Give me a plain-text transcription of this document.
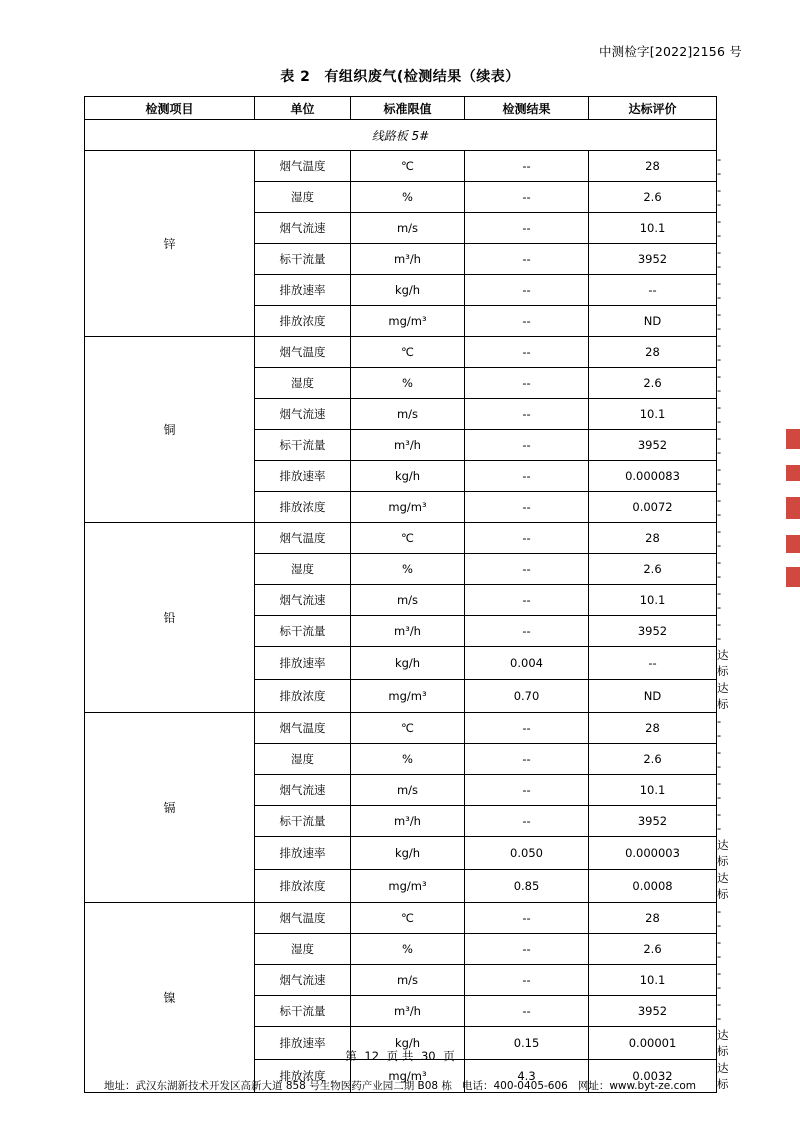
中测检字[2022]2156 号
表 2 有组织废气(检测结果（续表）
检测项目	单位	标准限值	检测结果	达标评价	
线路板 5#					
锌	烟气温度	℃	--	28	--
	湿度	%	--	2.6	--
	烟气流速	m/s	--	10.1	--
	标干流量	m³/h	--	3952	--
	排放速率	kg/h	--	--	--
	排放浓度	mg/m³	--	ND	--
铜	烟气温度	℃	--	28	--
	湿度	%	--	2.6	--
	烟气流速	m/s	--	10.1	--
	标干流量	m³/h	--	3952	--
	排放速率	kg/h	--	0.000083	--
	排放浓度	mg/m³	--	0.0072	--
铅	烟气温度	℃	--	28	--
	湿度	%	--	2.6	--
	烟气流速	m/s	--	10.1	--
	标干流量	m³/h	--	3952	--
	排放速率	kg/h	0.004	--	达标
	排放浓度	mg/m³	0.70	ND	达标
镉	烟气温度	℃	--	28	--
	湿度	%	--	2.6	--
	烟气流速	m/s	--	10.1	--
	标干流量	m³/h	--	3952	--
	排放速率	kg/h	0.050	0.000003	达标
	排放浓度	mg/m³	0.85	0.0008	达标
镍	烟气温度	℃	--	28	--
	湿度	%	--	2.6	--
	烟气流速	m/s	--	10.1	--
	标干流量	m³/h	--	3952	--
	排放速率	kg/h	0.15	0.00001	达标
	排放浓度	mg/m³	4.3	0.0032	达标
第 12 页 共 30 页
地址：武汉东湖新技术开发区高新大道 858 号生物医药产业园二期 B08 栋 电话：400-0405-606 网址：www.byt-ze.com
